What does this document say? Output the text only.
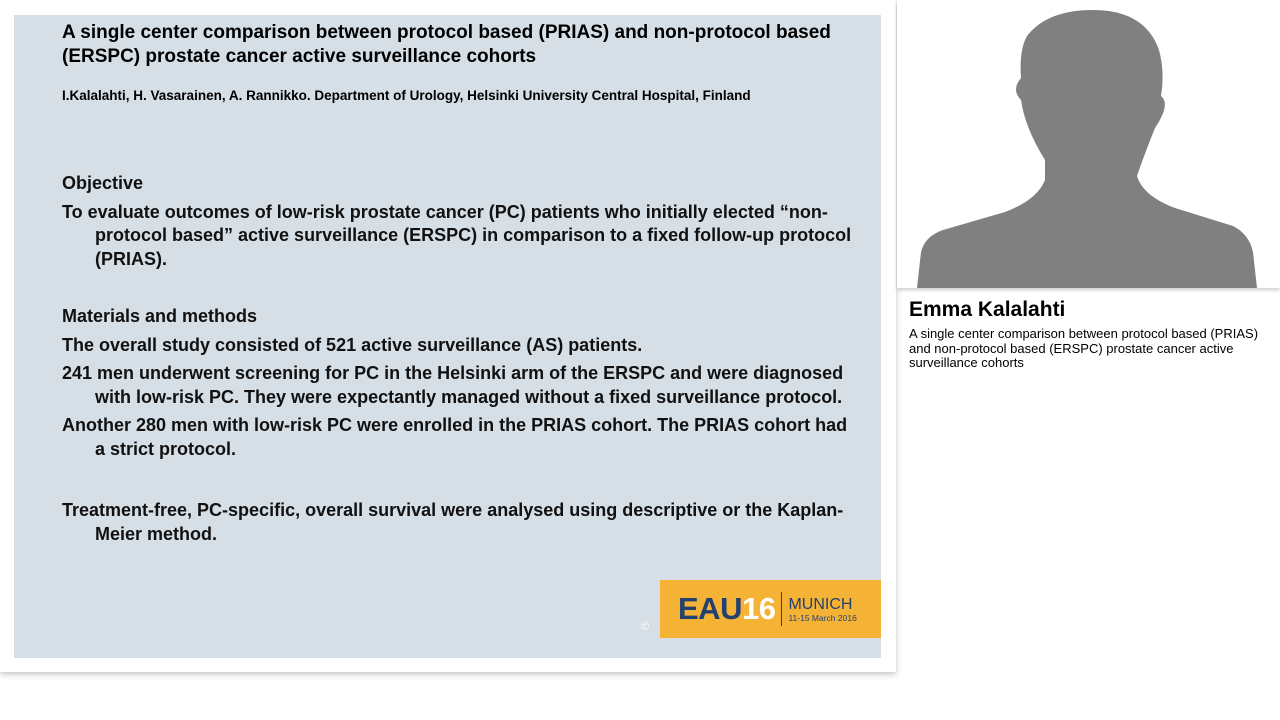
A single center comparison between protocol based (PRIAS) and non-protocol based (ERSPC) prostate cancer active surveillance cohorts
I.Kalalahti, H. Vasarainen, A. Rannikko. Department of Urology, Helsinki University Central Hospital, Finland
Objective
To evaluate outcomes of low-risk prostate cancer (PC) patients who initially elected “non-protocol based” active surveillance (ERSPC) in comparison to a fixed follow-up protocol (PRIAS).
Materials and methods
The overall study consisted of 521 active surveillance (AS) patients.
241 men underwent screening for PC in the Helsinki arm of the ERSPC and were diagnosed with low-risk PC. They were expectantly managed without a fixed surveillance protocol.
Another 280 men with low-risk PC were enrolled in the PRIAS cohort. The PRIAS cohort had a strict protocol.
Treatment-free, PC-specific, overall survival were analysed using descriptive or the Kaplan-Meier method.
©
EAU16 MUNICH
11-15 March 2016
Emma Kalalahti
A single center comparison between protocol based (PRIAS) and non-protocol based (ERSPC) prostate cancer active surveillance cohorts
